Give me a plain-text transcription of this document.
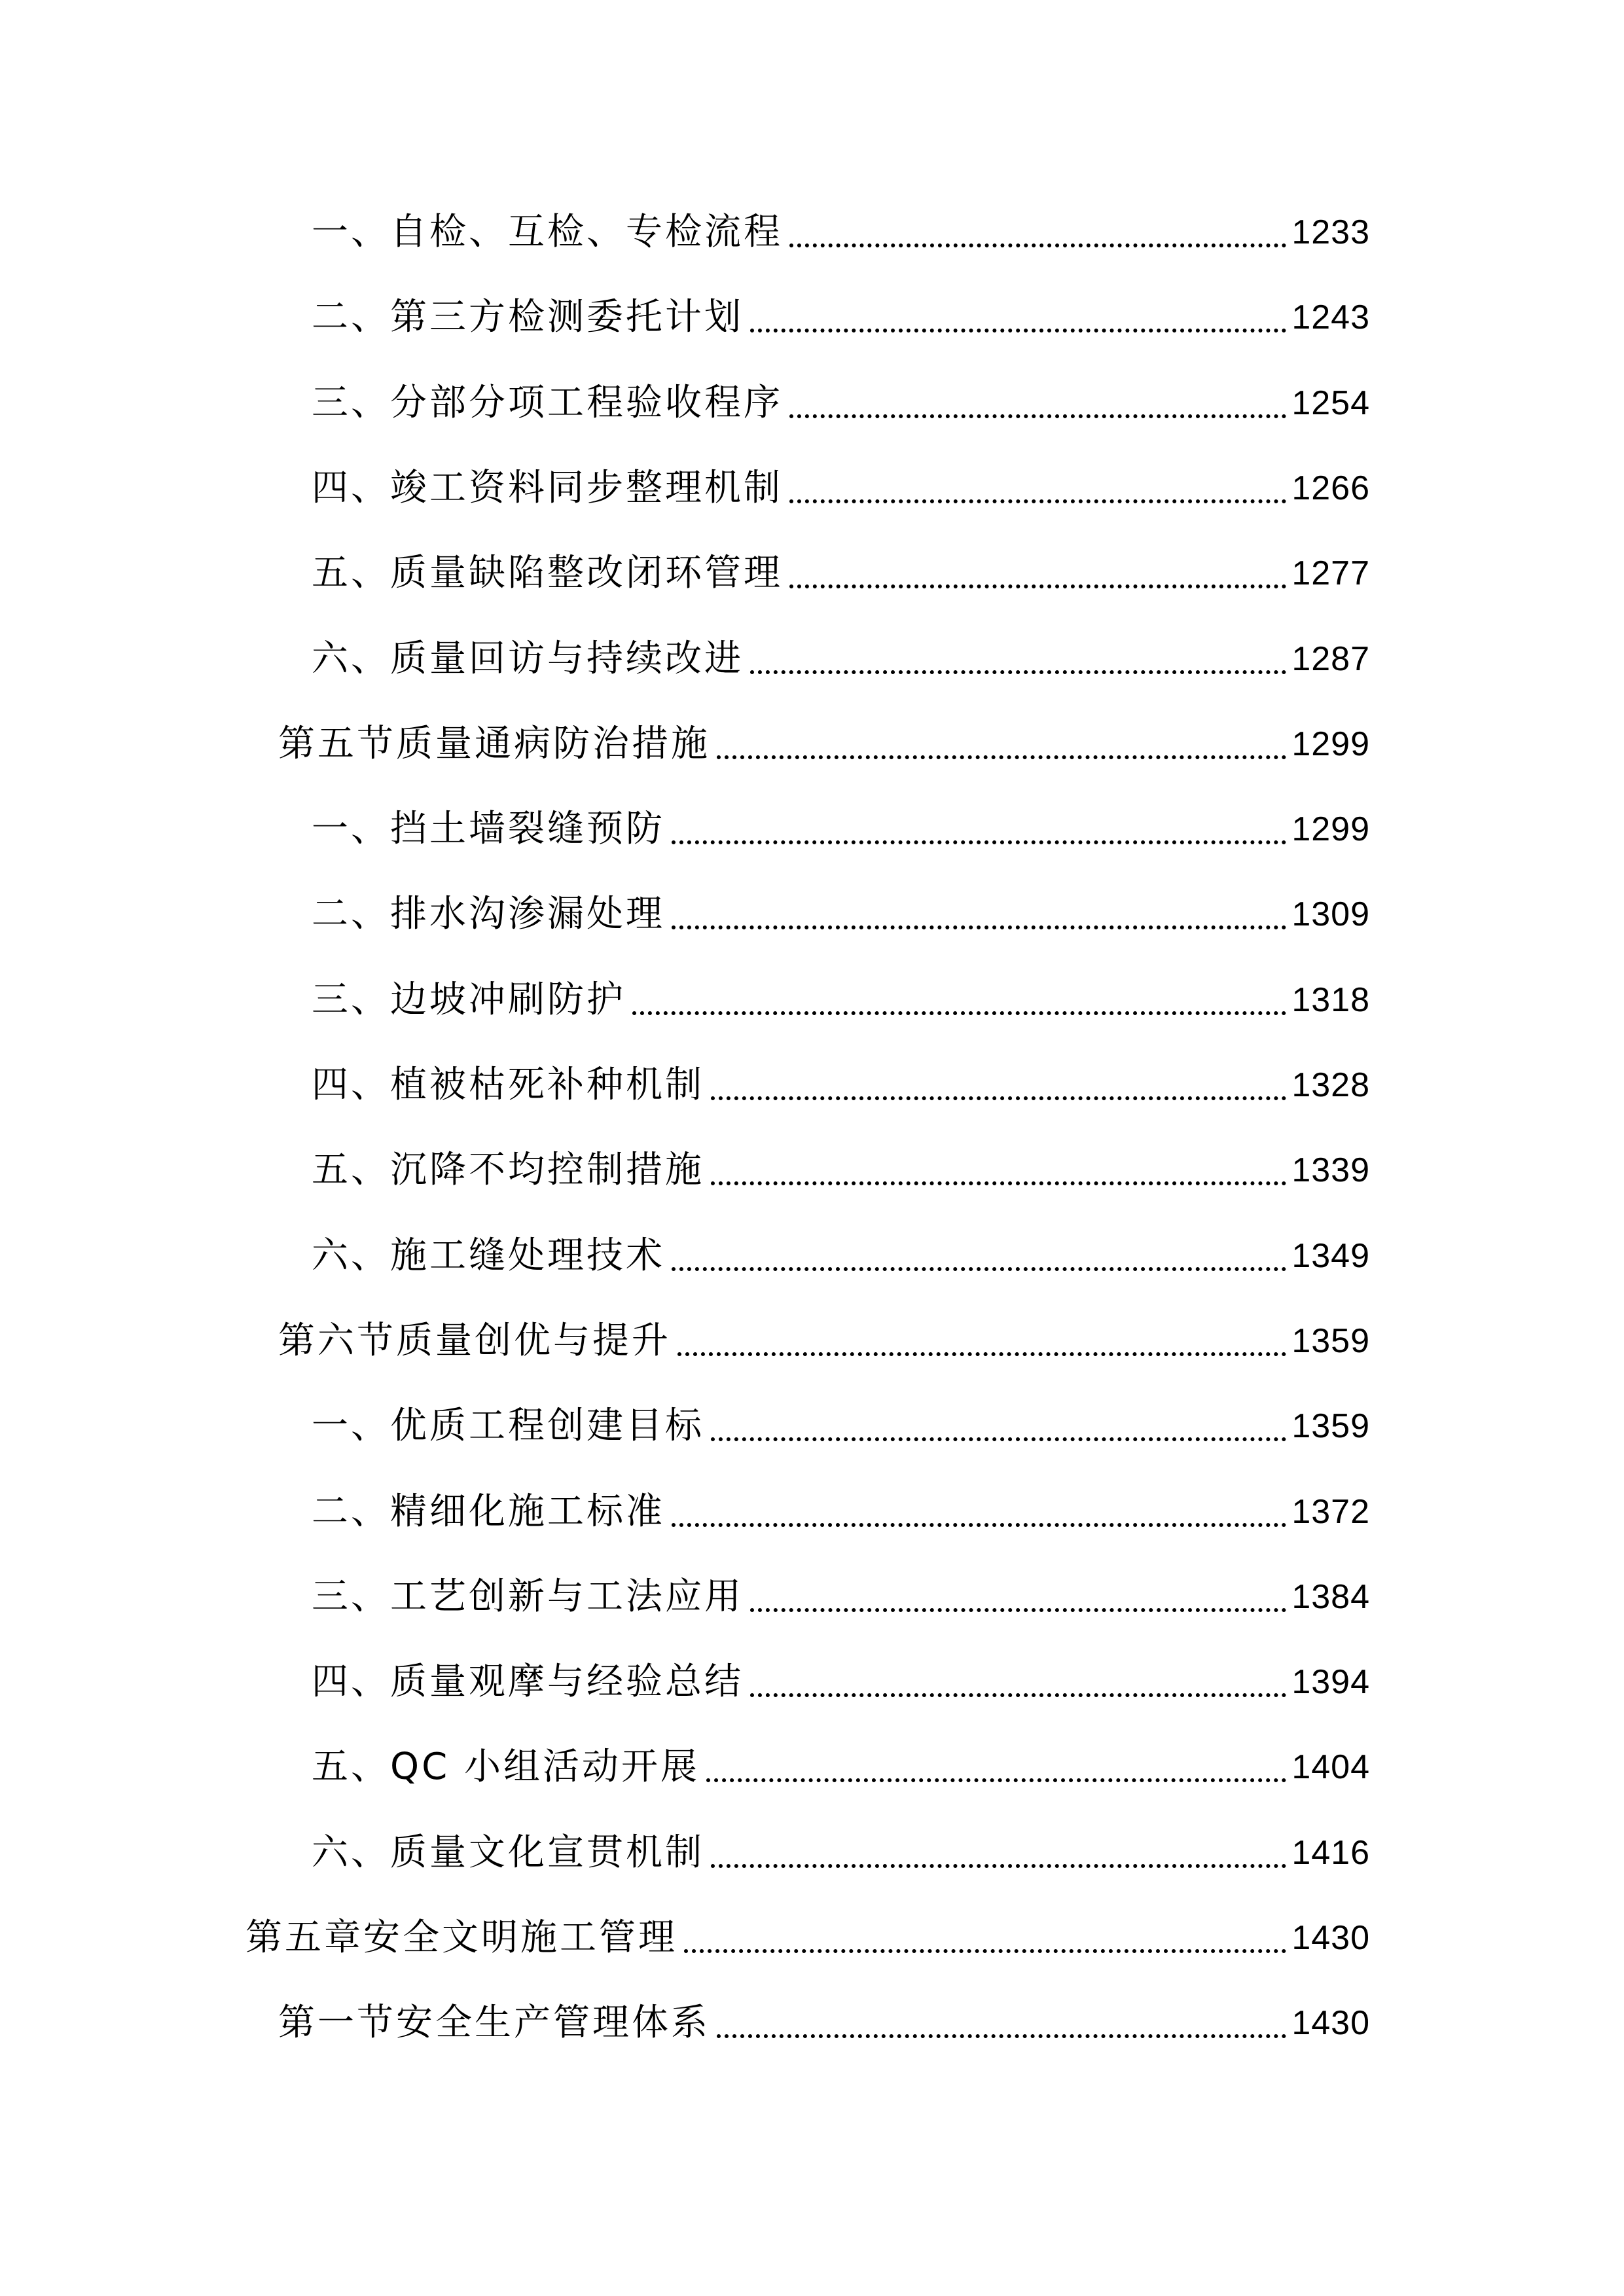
一、自检、互检、专检流程	1233
二、第三方检测委托计划	1243
三、分部分项工程验收程序	1254
四、竣工资料同步整理机制	1266
五、质量缺陷整改闭环管理	1277
六、质量回访与持续改进	1287
第五节质量通病防治措施	1299
一、挡土墙裂缝预防	1299
二、排水沟渗漏处理	1309
三、边坡冲刷防护	1318
四、植被枯死补种机制	1328
五、沉降不均控制措施	1339
六、施工缝处理技术	1349
第六节质量创优与提升	1359
一、优质工程创建目标	1359
二、精细化施工标准	1372
三、工艺创新与工法应用	1384
四、质量观摩与经验总结	1394
五、QC 小组活动开展	1404
六、质量文化宣贯机制	1416
第五章安全文明施工管理	1430
第一节安全生产管理体系	1430
